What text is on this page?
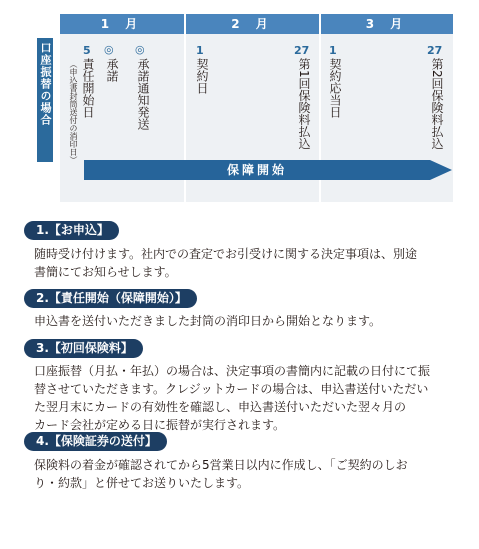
口座振替の場合
1 月	2 月	3 月
5
責任開始日
（申込書封筒送付の消印日）
◎
承諾
◎
承諾通知発送
1
契約日
27
第1回保険料払込
1
契約応当日
27
第2回保険料払込
保障開始
1.【お申込】
随時受け付けます。社内での査定でお引受けに関する決定事項は、別途
書簡にてお知らせします。
2.【責任開始（保障開始）】
申込書を送付いただきました封筒の消印日から開始となります。
3.【初回保険料】
口座振替（月払・年払）の場合は、決定事項の書簡内に記載の日付にて振
替させていただきます。クレジットカードの場合は、申込書送付いただい
た翌月末にカードの有効性を確認し、申込書送付いただいた翌々月の
カード会社が定める日に振替が実行されます。
4.【保険証券の送付】
保険料の着金が確認されてから5営業日以内に作成し、「ご契約のしお
り・約款」と併せてお送りいたします。
